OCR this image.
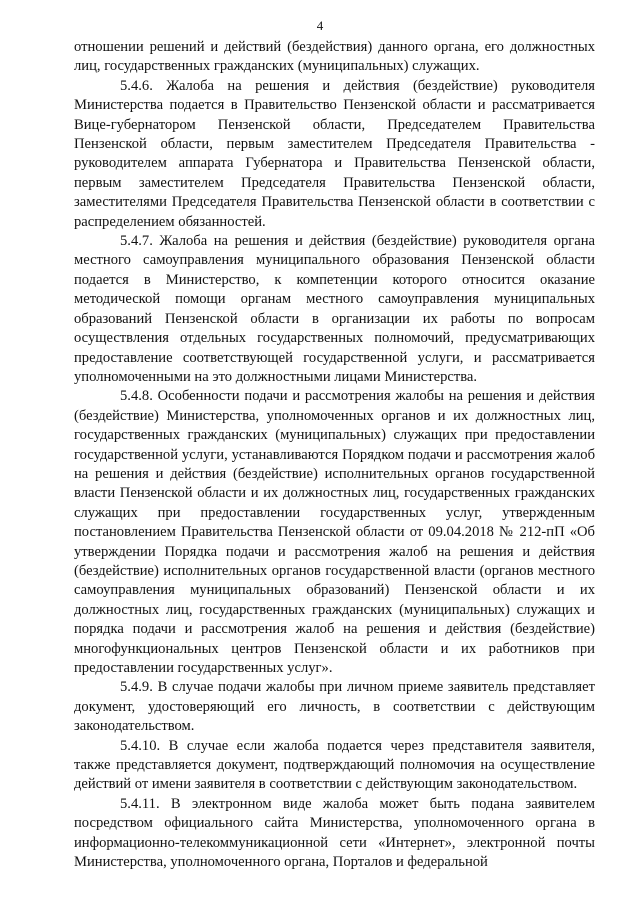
4

отношении решений и действий (бездействия) данного органа, его должностных лиц, государственных гражданских (муниципальных) служащих.

5.4.6. Жалоба на решения и действия (бездействие) руководителя Министерства подается в Правительство Пензенской области и рассматривается Вице-губернатором Пензенской области, Председателем Правительства Пензенской области, первым заместителем Председателя Правительства - руководителем аппарата Губернатора и Правительства Пензенской области, первым заместителем Председателя Правительства Пензенской области, заместителями Председателя Правительства Пензенской области в соответствии с распределением обязанностей.

5.4.7. Жалоба на решения и действия (бездействие) руководителя органа местного самоуправления муниципального образования Пензенской области подается в Министерство, к компетенции которого относится оказание методической помощи органам местного самоуправления муниципальных образований Пензенской области в организации их работы по вопросам осуществления отдельных государственных полномочий, предусматривающих предоставление соответствующей государственной услуги, и рассматривается уполномоченными на это должностными лицами Министерства.

5.4.8. Особенности подачи и рассмотрения жалобы на решения и действия (бездействие) Министерства, уполномоченных органов и их должностных лиц, государственных гражданских (муниципальных) служащих при предоставлении государственной услуги, устанавливаются Порядком подачи и рассмотрения жалоб на решения и действия (бездействие) исполнительных органов государственной власти Пензенской области и их должностных лиц, государственных гражданских служащих при предоставлении государственных услуг, утвержденным постановлением Правительства Пензенской области от 09.04.2018 № 212-пП «Об утверждении Порядка подачи и рассмотрения жалоб на решения и действия (бездействие) исполнительных органов государственной власти (органов местного самоуправления муниципальных образований) Пензенской области и их должностных лиц, государственных гражданских (муниципальных) служащих и порядка подачи и рассмотрения жалоб на решения и действия (бездействие) многофункциональных центров Пензенской области и их работников при предоставлении государственных услуг».

5.4.9. В случае подачи жалобы при личном приеме заявитель представляет документ, удостоверяющий его личность, в соответствии с действующим законодательством.

5.4.10. В случае если жалоба подается через представителя заявителя, также представляется документ, подтверждающий полномочия на осуществление действий от имени заявителя в соответствии с действующим законодательством.

5.4.11. В электронном виде жалоба может быть подана заявителем посредством официального сайта Министерства, уполномоченного органа в информационно-телекоммуникационной сети «Интернет», электронной почты Министерства, уполномоченного органа, Порталов и федеральной
